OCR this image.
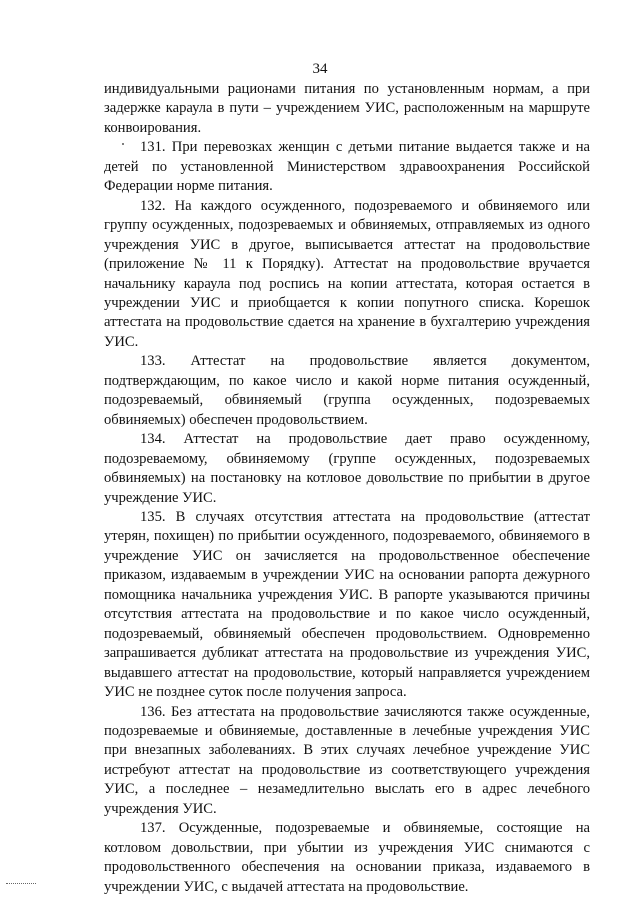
34

индивидуальными рационами питания по установленным нормам, а при задержке караула в пути – учреждением УИС, расположенным на маршруте конвоирования.

131. При перевозках женщин с детьми питание выдается также и на детей по установленной Министерством здравоохранения Российской Федерации норме питания.

132. На каждого осужденного, подозреваемого и обвиняемого или группу осужденных, подозреваемых и обвиняемых, отправляемых из одного учреждения УИС в другое, выписывается аттестат на продовольствие (приложение № 11 к Порядку). Аттестат на продовольствие вручается начальнику караула под роспись на копии аттестата, которая остается в учреждении УИС и приобщается к копии попутного списка. Корешок аттестата на продовольствие сдается на хранение в бухгалтерию учреждения УИС.

133. Аттестат на продовольствие является документом, подтверждающим, по какое число и какой норме питания осужденный, подозреваемый, обвиняемый (группа осужденных, подозреваемых обвиняемых) обеспечен продовольствием.

134. Аттестат на продовольствие дает право осужденному, подозреваемому, обвиняемому (группе осужденных, подозреваемых обвиняемых) на постановку на котловое довольствие по прибытии в другое учреждение УИС.

135. В случаях отсутствия аттестата на продовольствие (аттестат утерян, похищен) по прибытии осужденного, подозреваемого, обвиняемого в учреждение УИС он зачисляется на продовольственное обеспечение приказом, издаваемым в учреждении УИС на основании рапорта дежурного помощника начальника учреждения УИС. В рапорте указываются причины отсутствия аттестата на продовольствие и по какое число осужденный, подозреваемый, обвиняемый обеспечен продовольствием. Одновременно запрашивается дубликат аттестата на продовольствие из учреждения УИС, выдавшего аттестат на продовольствие, который направляется учреждением УИС не позднее суток после получения запроса.

136. Без аттестата на продовольствие зачисляются также осужденные, подозреваемые и обвиняемые, доставленные в лечебные учреждения УИС при внезапных заболеваниях. В этих случаях лечебное учреждение УИС истребуют аттестат на продовольствие из соответствующего учреждения УИС, а последнее – незамедлительно выслать его в адрес лечебного учреждения УИС.

137. Осужденные, подозреваемые и обвиняемые, состоящие на котловом довольствии, при убытии из учреждения УИС снимаются с продовольственного обеспечения на основании приказа, издаваемого в учреждении УИС, с выдачей аттестата на продовольствие.
